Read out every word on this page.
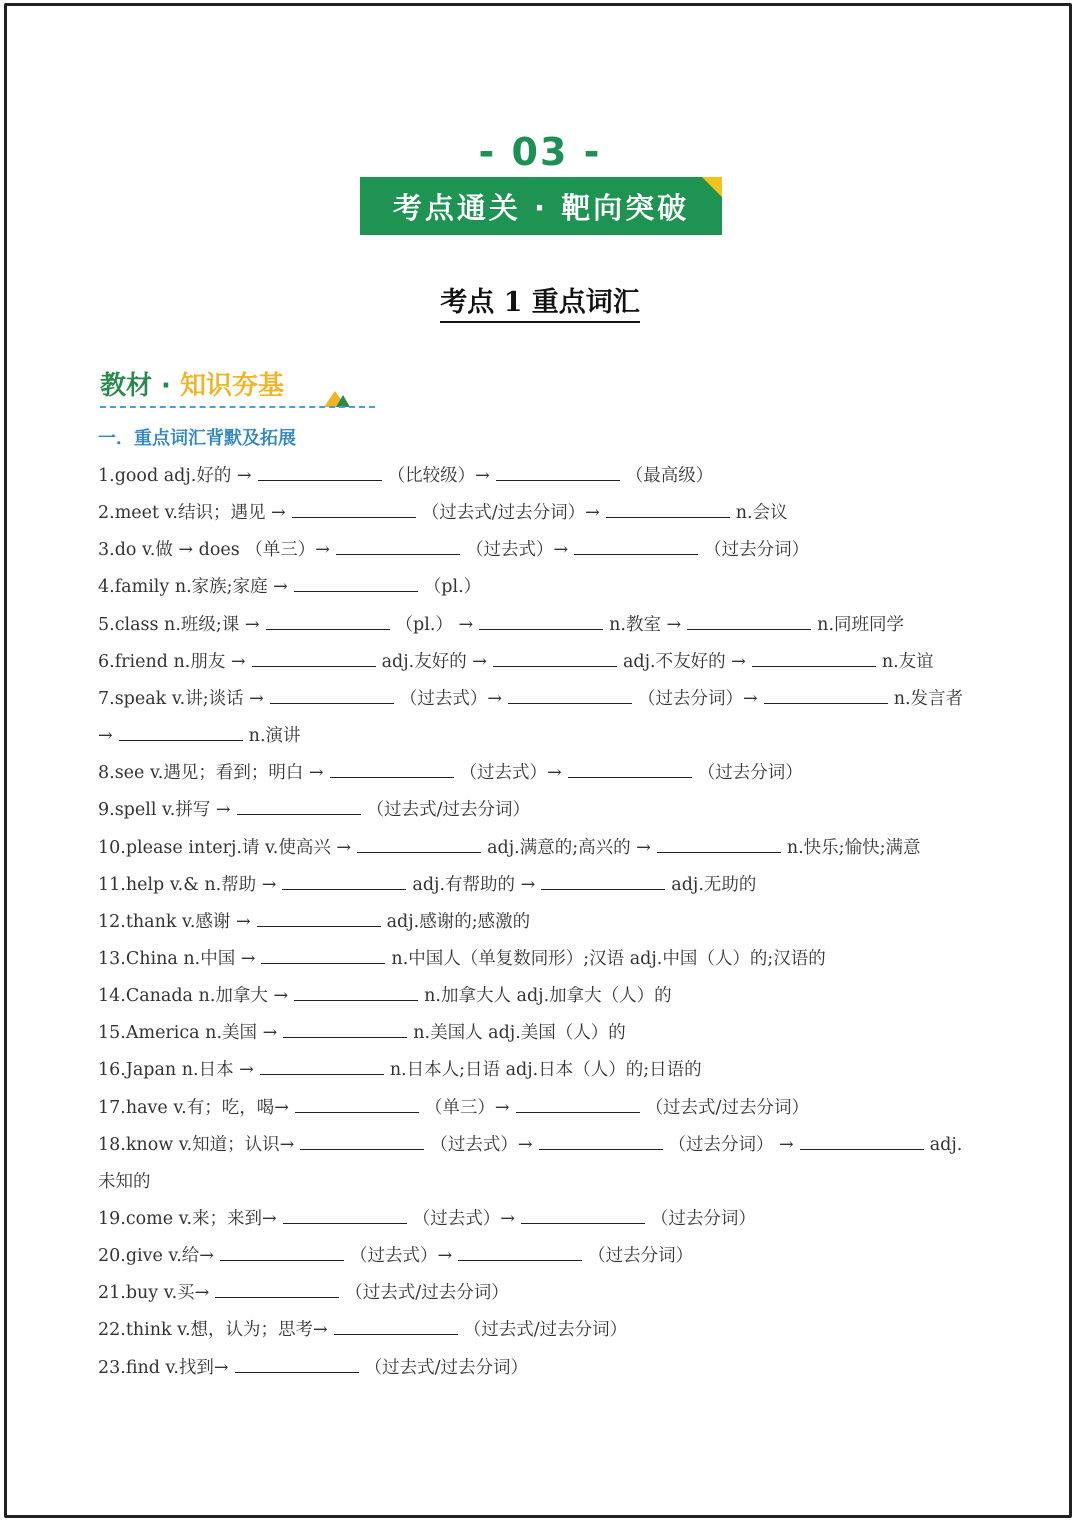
- 03 -
考点通关 · 靶向突破
考点 1 重点词汇
教材 · 知识夯基
一．重点词汇背默及拓展
1.good adj.好的 →	（比较级）→	（最高级）
2.meet v.结识；遇见 →	（过去式/过去分词）→	n.会议
3.do v.做 → does （单三）→	（过去式）→	（过去分词）
4.family n.家族;家庭 →	（pl.）
5.class n.班级;课 →	（pl.） →	n.教室 →	n.同班同学
6.friend n.朋友 →	adj.友好的 →	adj.不友好的 →	n.友谊
7.speak v.讲;谈话 →	（过去式）→	（过去分词）→	n.发言者
→	n.演讲
8.see v.遇见；看到；明白 →	（过去式）→	（过去分词）
9.spell v.拼写 →	（过去式/过去分词）
10.please interj.请 v.使高兴 →	adj.满意的;高兴的 →	n.快乐;愉快;满意
11.help v.& n.帮助 →	adj.有帮助的 →	adj.无助的
12.thank v.感谢 →	adj.感谢的;感激的
13.China n.中国 →	n.中国人（单复数同形）;汉语 adj.中国（人）的;汉语的
14.Canada n.加拿大 →	n.加拿大人 adj.加拿大（人）的
15.America n.美国 →	n.美国人 adj.美国（人）的
16.Japan n.日本 →	n.日本人;日语 adj.日本（人）的;日语的
17.have v.有；吃，喝→	（单三）→	（过去式/过去分词）
18.know v.知道；认识→	（过去式）→	（过去分词） →	adj.
未知的
19.come v.来；来到→	（过去式）→	（过去分词）
20.give v.给→	（过去式）→	（过去分词）
21.buy v.买→	（过去式/过去分词）
22.think v.想，认为；思考→	（过去式/过去分词）
23.find v.找到→	（过去式/过去分词）
